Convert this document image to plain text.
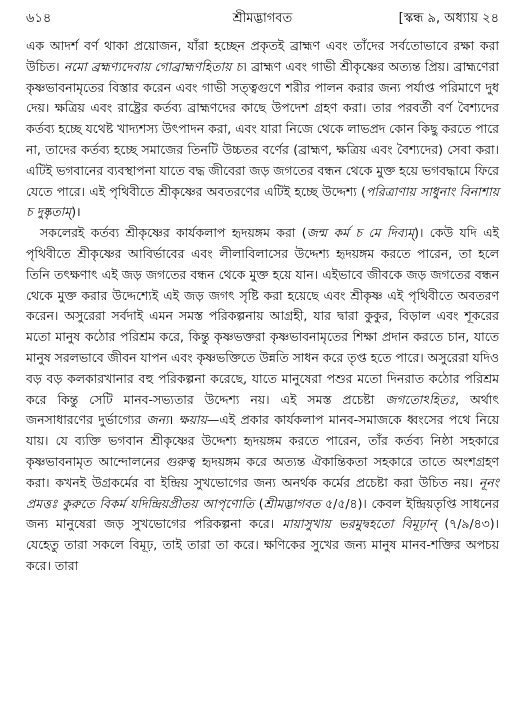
৬১৪	শ্রীমদ্ভাগবত	[স্কন্ধ ৯, অধ্যায় ২৪

এক আদর্শ বর্ণ থাকা প্রয়োজন, যাঁরা হচ্ছেন প্রকৃতই ব্রাহ্মণ এবং তাঁদের সর্বতোভাবে রক্ষা করা উচিত। নমো ব্রহ্মণ্যদেবায় গোব্রাহ্মণহিতায় চ। ব্রাহ্মণ এবং গাভী শ্রীকৃষ্ণের অত্যন্ত প্রিয়। ব্রাহ্মণেরা কৃষ্ণভাবনামৃতের বিস্তার করেন এবং গাভী সত্ত্বগুণে শরীর পালন করার জন্য পর্যাপ্ত পরিমাণে দুধ দেয়। ক্ষত্রিয় এবং রাষ্ট্রের কর্তব্য ব্রাহ্মণদের কাছে উপদেশ গ্রহণ করা। তার পরবর্তী বর্ণ বৈশ্যদের কর্তব্য হচ্ছে যথেষ্ট খাদ্যশস্য উৎপাদন করা, এবং যারা নিজে থেকে লাভপ্রদ কোন কিছু করতে পারে না, তাদের কর্তব্য হচ্ছে সমাজের তিনটি উচ্চতর বর্ণের (ব্রাহ্মণ, ক্ষত্রিয় এবং বৈশ্যদের) সেবা করা। এটিই ভগবানের ব্যবস্থাপনা যাতে বদ্ধ জীবেরা জড় জগতের বন্ধন থেকে মুক্ত হয়ে ভগবদ্ধামে ফিরে যেতে পারে। এই পৃথিবীতে শ্রীকৃষ্ণের অবতরণের এটিই হচ্ছে উদ্দেশ্য (পরিত্রাণায় সাধুনাং বিনাশায় চ দুষ্কৃতাম্)।

সকলেরই কর্তব্য শ্রীকৃষ্ণের কার্যকলাপ হৃদয়ঙ্গম করা (জন্ম কর্ম চ মে দিব্যম্)। কেউ যদি এই পৃথিবীতে শ্রীকৃষ্ণের আবির্ভাবের এবং লীলাবিলাসের উদ্দেশ্য হৃদয়ঙ্গম করতে পারেন, তা হলে তিনি তৎক্ষণাৎ এই জড় জগতের বন্ধন থেকে মুক্ত হয়ে যান। এইভাবে জীবকে জড় জগতের বন্ধন থেকে মুক্ত করার উদ্দেশ্যেই এই জড় জগৎ সৃষ্টি করা হয়েছে এবং শ্রীকৃষ্ণ এই পৃথিবীতে অবতরণ করেন। অসুরেরা সর্বদাই এমন সমস্ত পরিকল্পনায় আগ্রহী, যার দ্বারা কুকুর, বিড়াল এবং শূকরের মতো মানুষ কঠোর পরিশ্রম করে, কিন্তু কৃষ্ণভক্তরা কৃষ্ণভাবনামৃতের শিক্ষা প্রদান করতে চান, যাতে মানুষ সরলভাবে জীবন যাপন এবং কৃষ্ণভক্তিতে উন্নতি সাধন করে তৃপ্ত হতে পারে। অসুরেরা যদিও বড় বড় কলকারখানার বহু পরিকল্পনা করেছে, যাতে মানুষেরা পশুর মতো দিনরাত কঠোর পরিশ্রম করে কিন্তু সেটি মানব-সভ্যতার উদ্দেশ্য নয়। এই সমস্ত প্রচেষ্টা জগতোঽহিতঃ, অর্থাৎ জনসাধারণের দুর্ভাগ্যের জন্য। ক্ষয়ায়—এই প্রকার কার্যকলাপ মানব-সমাজকে ধ্বংসের পথে নিয়ে যায়। যে ব্যক্তি ভগবান শ্রীকৃষ্ণের উদ্দেশ্য হৃদয়ঙ্গম করতে পারেন, তাঁর কর্তব্য নিষ্ঠা সহকারে কৃষ্ণভাবনামৃত আন্দোলনের গুরুত্ব হৃদয়ঙ্গম করে অত্যন্ত ঐকান্তিকতা সহকারে তাতে অংশগ্রহণ করা। কখনই উগ্রকর্মের বা ইন্দ্রিয় সুখভোগের জন্য অনর্থক কর্মের প্রচেষ্টা করা উচিত নয়। নূনং প্রমত্তঃ কুরুতে বিকর্ম যদিন্দ্রিয়প্রীতয় আপৃণোতি (শ্রীমদ্ভাগবত ৫/৫/৪)। কেবল ইন্দ্রিয়তৃপ্তি সাধনের জন্য মানুষেরা জড় সুখভোগের পরিকল্পনা করে। মায়াসুখায় ভরমুদ্বহতো বিমূঢ়ান্ (৭/৯/৪৩)। যেহেতু তারা সকলে বিমূঢ়, তাই তারা তা করে। ক্ষণিকের সুখের জন্য মানুষ মানব-শক্তির অপচয় করে। তারা
